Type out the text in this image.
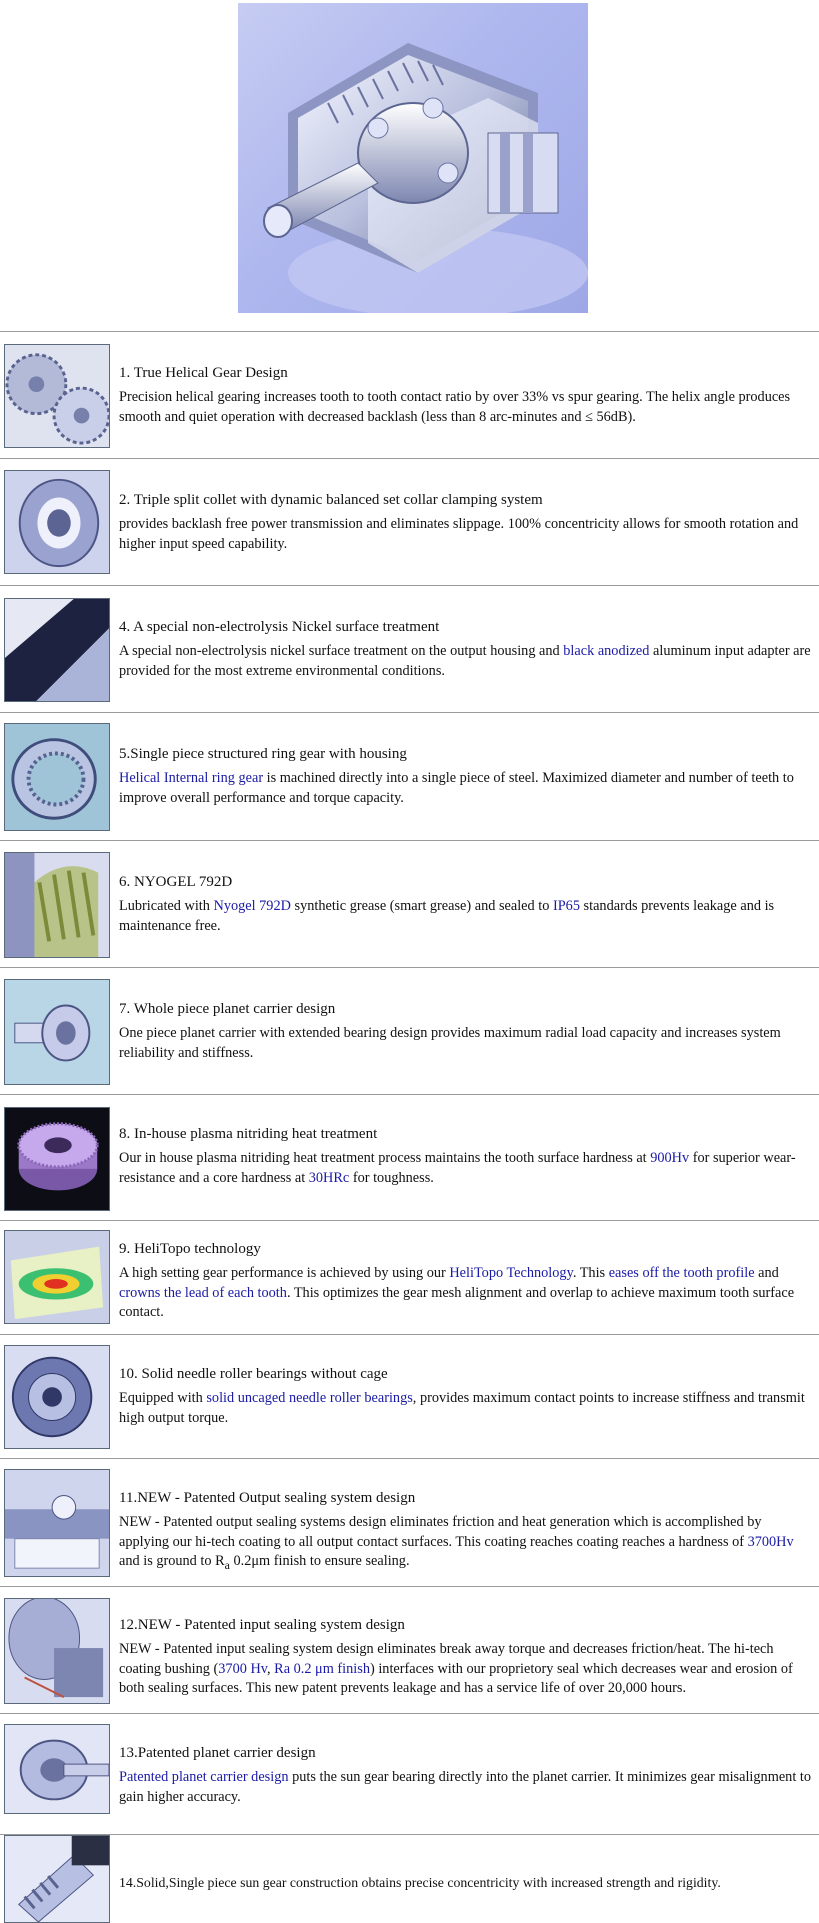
1. True Helical Gear Design

Precision helical gearing increases tooth to tooth contact ratio by over 33% vs spur gearing. The helix angle produces smooth and quiet operation with decreased backlash (less than 8 arc-minutes and ≤ 56dB).

2. Triple split collet with dynamic balanced set collar clamping system

provides backlash free power transmission and eliminates slippage. 100% concentricity allows for smooth rotation and higher input speed capability.

4. A special non-electrolysis Nickel surface treatment

A special non-electrolysis nickel surface treatment on the output housing and black anodized aluminum input adapter are provided for the most extreme environmental conditions.

5.Single piece structured ring gear with housing

Helical Internal ring gear is machined directly into a single piece of steel. Maximized diameter and number of teeth to improve overall performance and torque capacity.

6. NYOGEL 792D

Lubricated with Nyogel 792D synthetic grease (smart grease) and sealed to IP65 standards prevents leakage and is maintenance free.

7. Whole piece planet carrier design

One piece planet carrier with extended bearing design provides maximum radial load capacity and increases system reliability and stiffness.

8. In-house plasma nitriding heat treatment

Our in house plasma nitriding heat treatment process maintains the tooth surface hardness at 900Hv for superior wear-resistance and a core hardness at 30HRc for toughness.

9. HeliTopo technology

A high setting gear performance is achieved by using our HeliTopo Technology. This eases off the tooth profile and crowns the lead of each tooth. This optimizes the gear mesh alignment and overlap to achieve maximum tooth surface contact.

10. Solid needle roller bearings without cage

Equipped with solid uncaged needle roller bearings, provides maximum contact points to increase stiffness and transmit high output torque.

11.NEW - Patented Output sealing system design

NEW - Patented output sealing systems design eliminates friction and heat generation which is accomplished by applying our hi-tech coating to all output contact surfaces. This coating reaches coating reaches a hardness of 3700Hv and is ground to $R_a$ 0.2μm finish to ensure sealing.

12.NEW - Patented input sealing system design

NEW - Patented input sealing system design eliminates break away torque and decreases friction/heat. The hi-tech coating bushing (3700 Hv, Ra 0.2 μm finish) interfaces with our proprietory seal which decreases wear and erosion of both sealing surfaces. This new patent prevents leakage and has a service life of over 20,000 hours.

13.Patented planet carrier design

Patented planet carrier design puts the sun gear bearing directly into the planet carrier. It minimizes gear misalignment to gain higher accuracy.

14.Solid,Single piece sun gear construction obtains precise concentricity with increased strength and rigidity.
